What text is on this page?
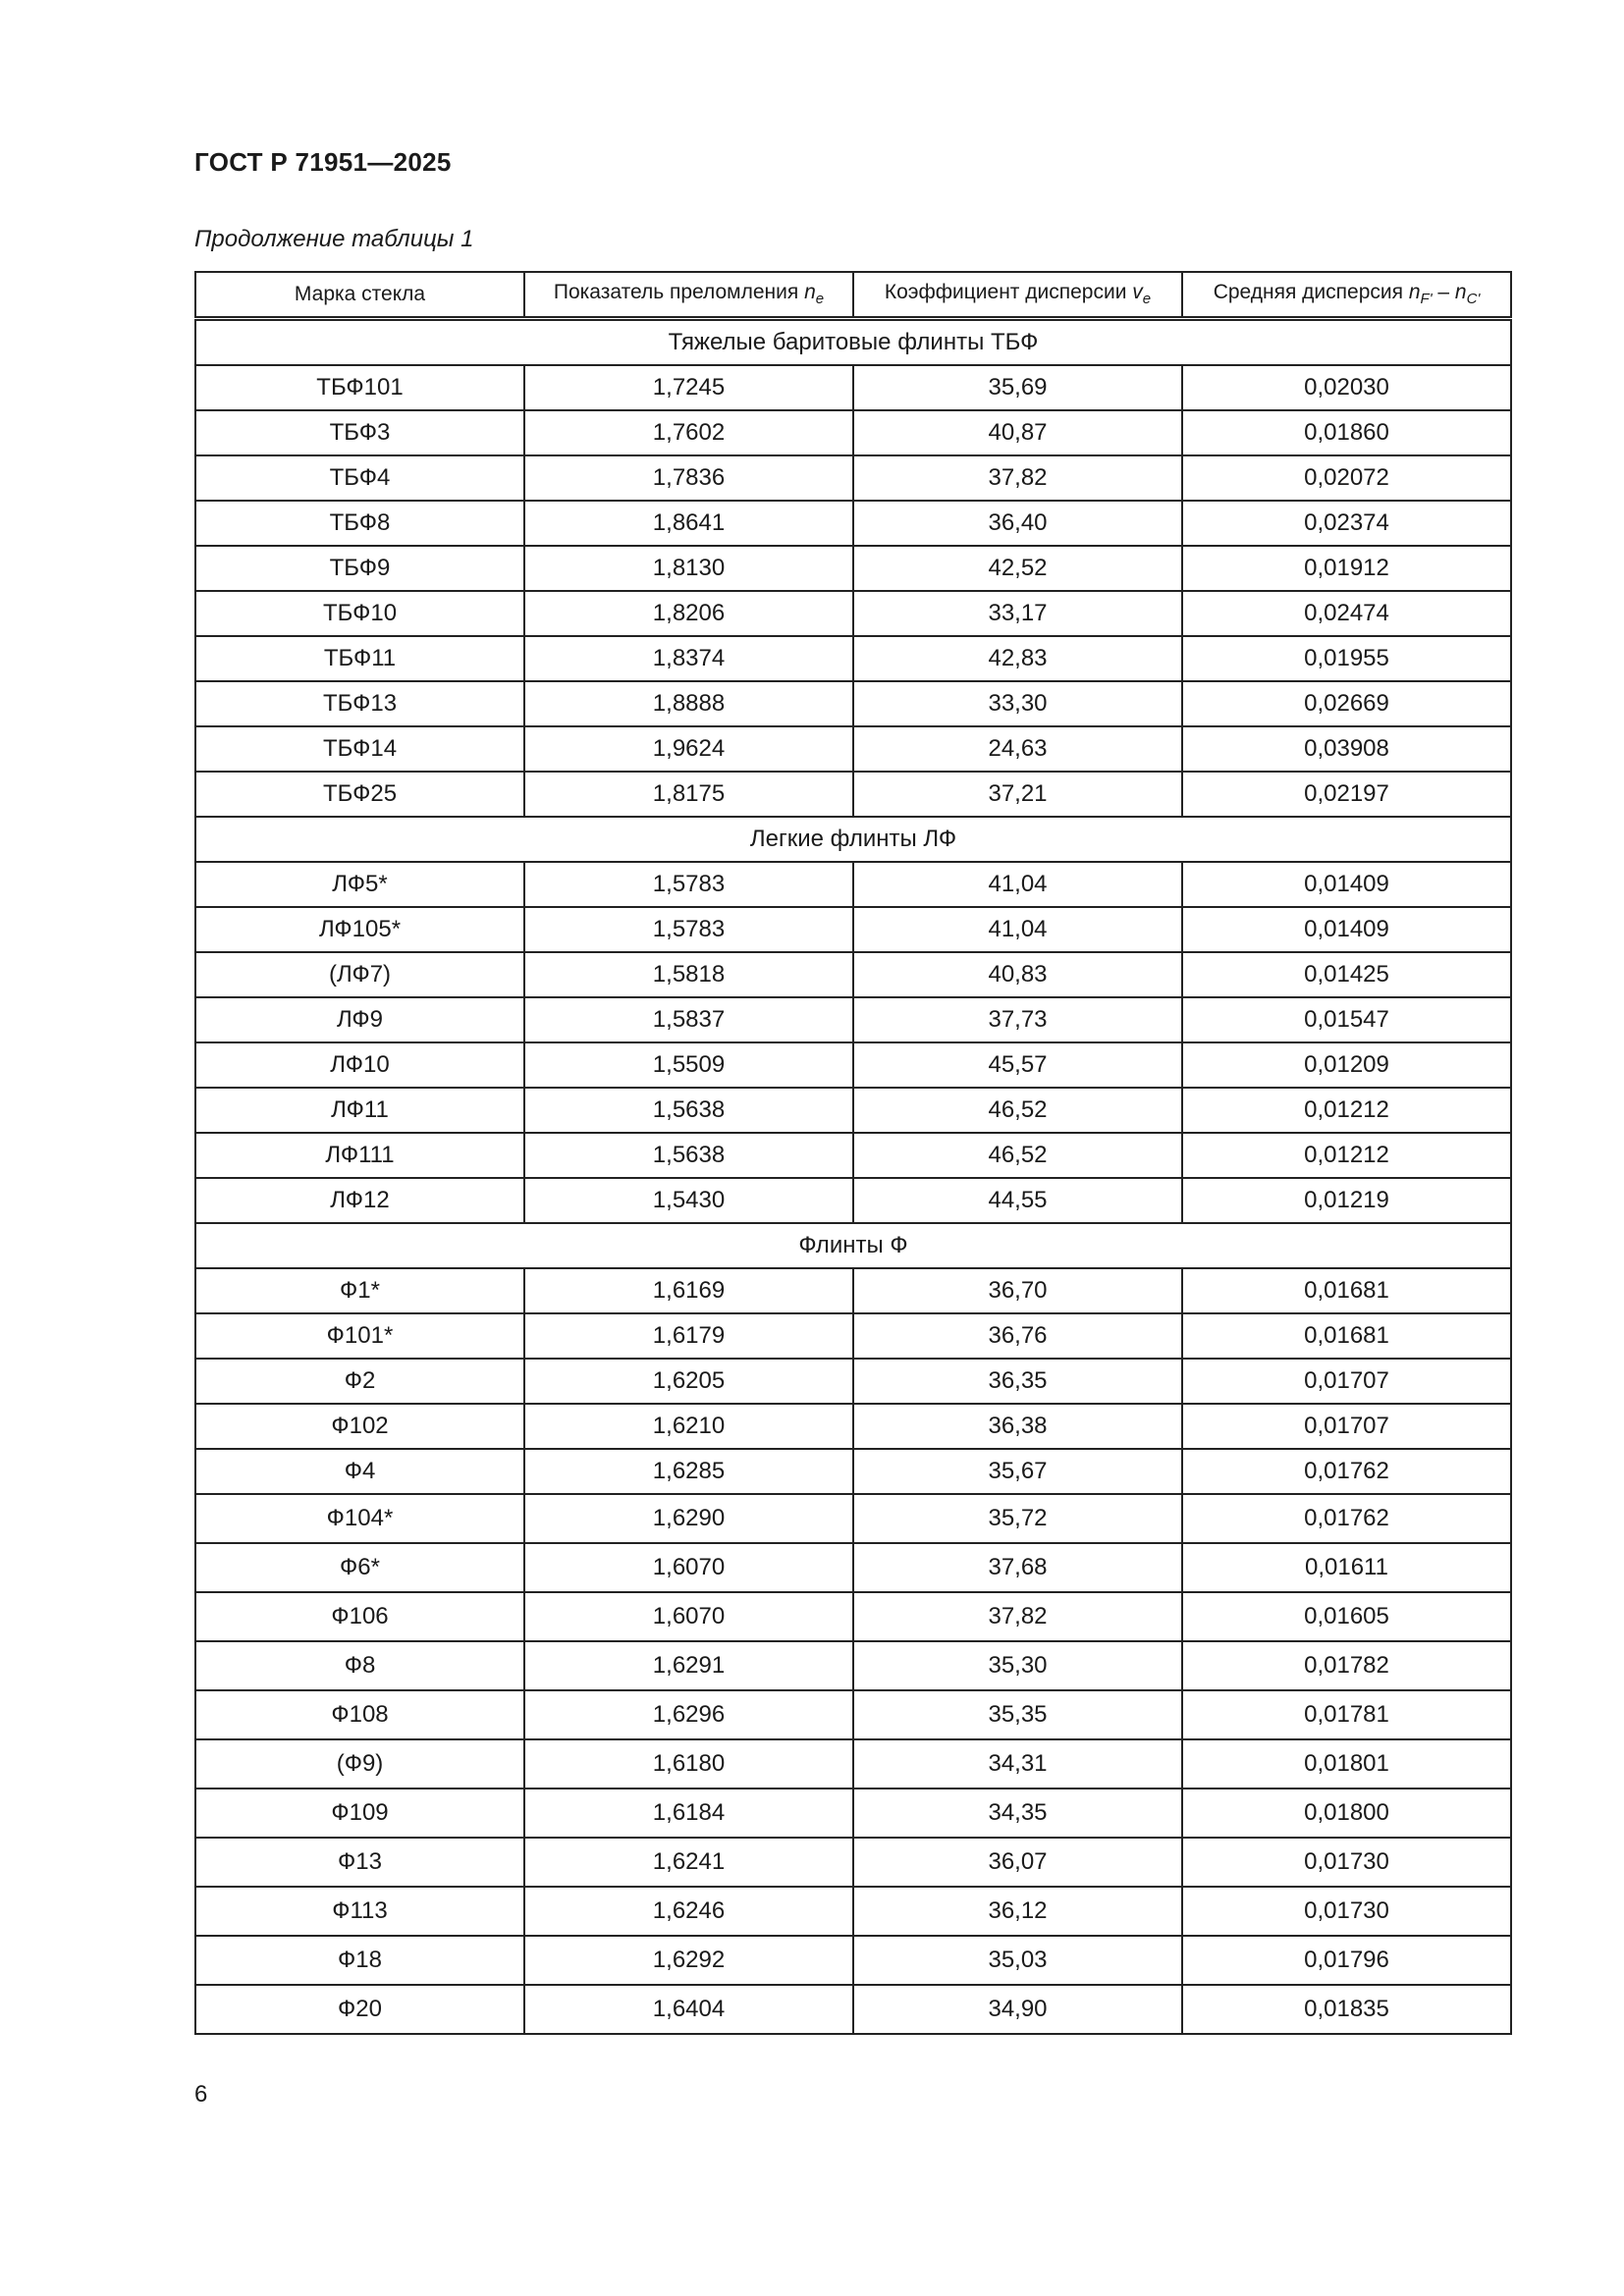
ГОСТ Р 71951—2025
Продолжение таблицы 1
Марка стекла	Показатель преломления $n_e$	Коэффициент дисперсии $v_e$	Средняя дисперсия $n_{F'} - n_{C'}$
Тяжелые баритовые флинты ТБФ			
ТБФ101	1,7245	35,69	0,02030
ТБФ3	1,7602	40,87	0,01860
ТБФ4	1,7836	37,82	0,02072
ТБФ8	1,8641	36,40	0,02374
ТБФ9	1,8130	42,52	0,01912
ТБФ10	1,8206	33,17	0,02474
ТБФ11	1,8374	42,83	0,01955
ТБФ13	1,8888	33,30	0,02669
ТБФ14	1,9624	24,63	0,03908
ТБФ25	1,8175	37,21	0,02197
Легкие флинты ЛФ			
ЛФ5*	1,5783	41,04	0,01409
ЛФ105*	1,5783	41,04	0,01409
(ЛФ7)	1,5818	40,83	0,01425
ЛФ9	1,5837	37,73	0,01547
ЛФ10	1,5509	45,57	0,01209
ЛФ11	1,5638	46,52	0,01212
ЛФ111	1,5638	46,52	0,01212
ЛФ12	1,5430	44,55	0,01219
Флинты Ф			
Ф1*	1,6169	36,70	0,01681
Ф101*	1,6179	36,76	0,01681
Ф2	1,6205	36,35	0,01707
Ф102	1,6210	36,38	0,01707
Ф4	1,6285	35,67	0,01762
Ф104*	1,6290	35,72	0,01762
Ф6*	1,6070	37,68	0,01611
Ф106	1,6070	37,82	0,01605
Ф8	1,6291	35,30	0,01782
Ф108	1,6296	35,35	0,01781
(Ф9)	1,6180	34,31	0,01801
Ф109	1,6184	34,35	0,01800
Ф13	1,6241	36,07	0,01730
Ф113	1,6246	36,12	0,01730
Ф18	1,6292	35,03	0,01796
Ф20	1,6404	34,90	0,01835
6
